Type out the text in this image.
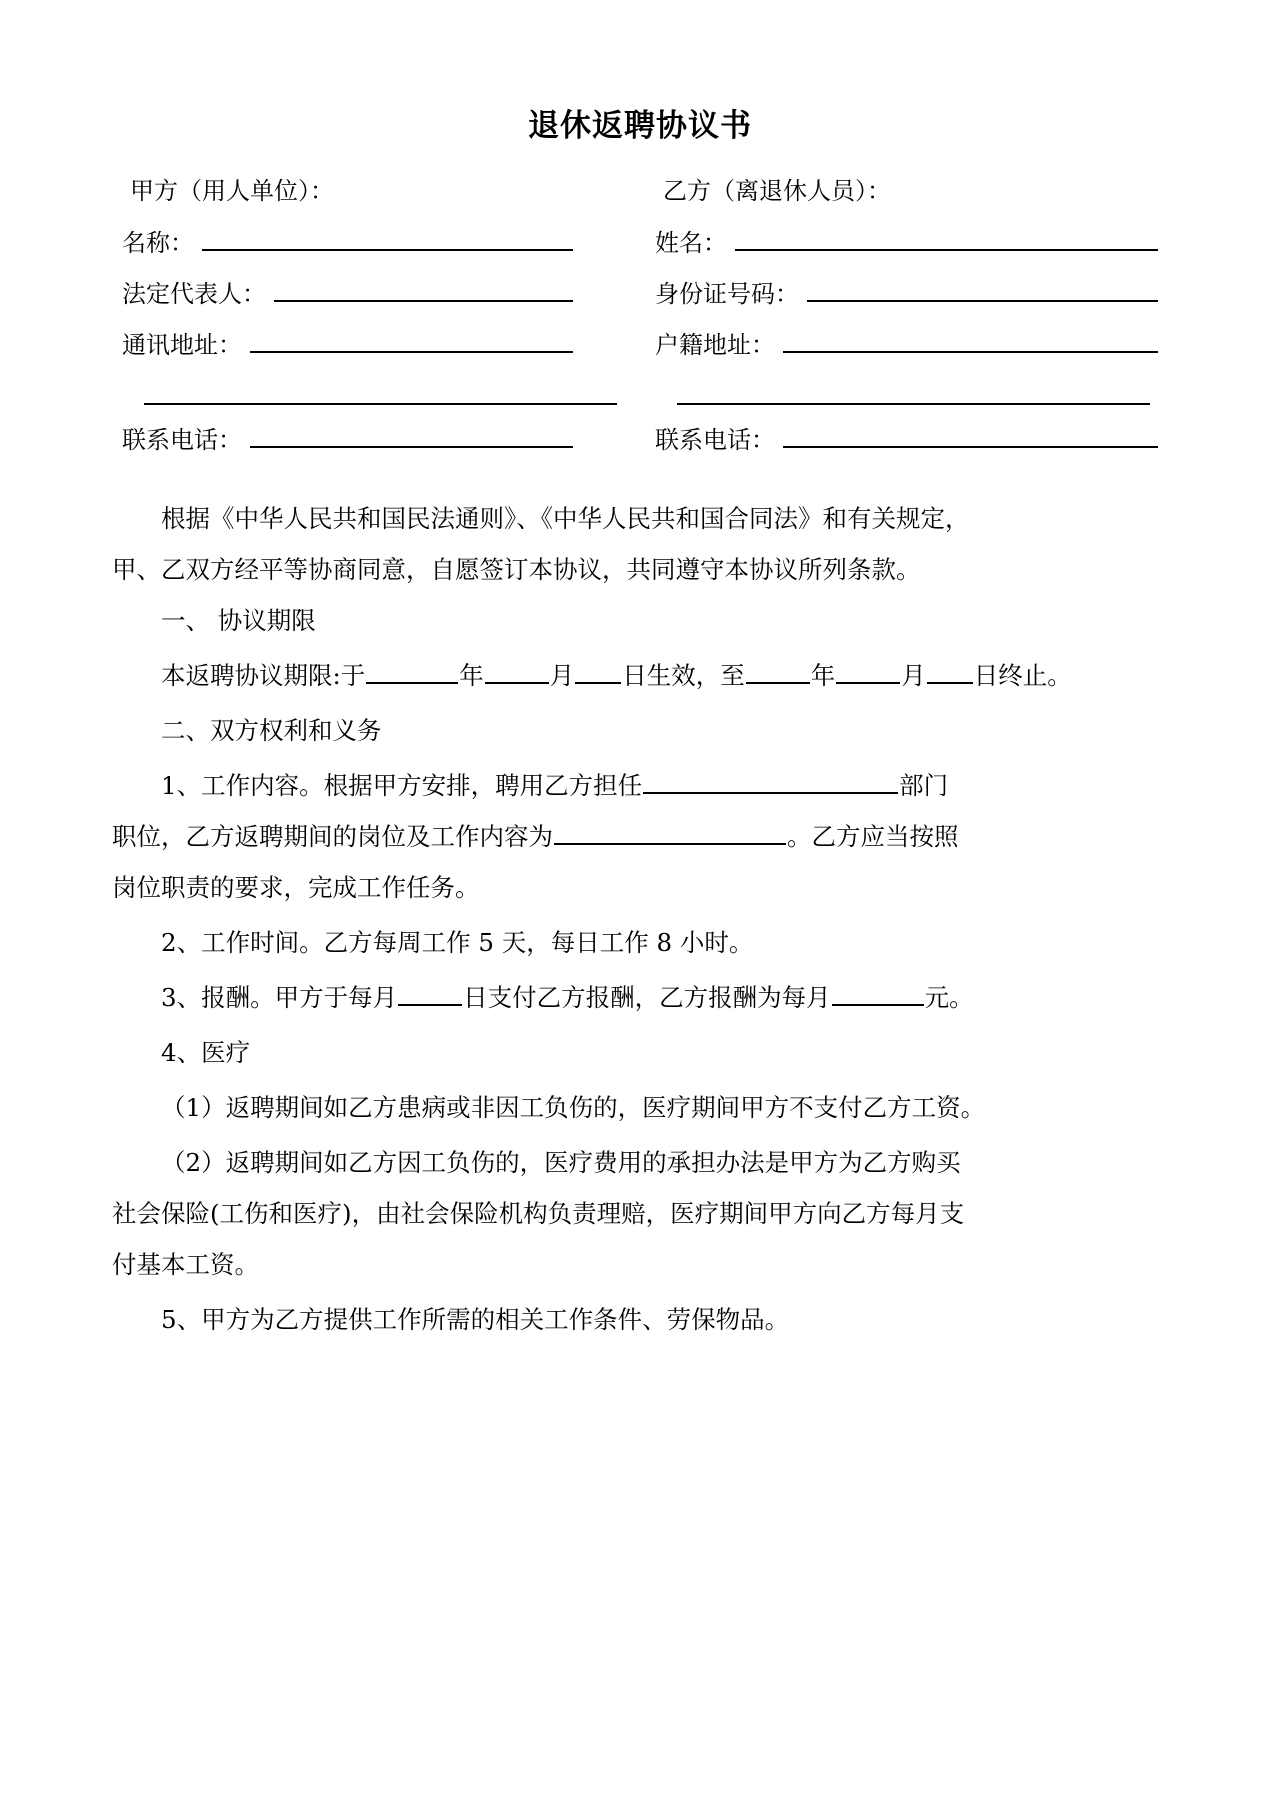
退休返聘协议书
甲方（用人单位）：	乙方（离退休人员）：
名称：	姓名：
法定代表人：	身份证号码：
通讯地址：	户籍地址：
联系电话：	联系电话：

根据《中华人民共和国民法通则》、《中华人民共和国合同法》和有关规定，

甲、乙双方经平等协商同意，自愿签订本协议，共同遵守本协议所列条款。

一、 协议期限

本返聘协议期限:于	年	月 日生效，至	年	月 日终止。

二、双方权利和义务

1、工作内容。根据甲方安排，聘用乙方担任	部门

职位，乙方返聘期间的岗位及工作内容为	。乙方应当按照

岗位职责的要求，完成工作任务。

2、工作时间。乙方每周工作 5 天，每日工作 8 小时。

3、报酬。甲方于每月	日支付乙方报酬，乙方报酬为每月	元。

4、医疗

（1）返聘期间如乙方患病或非因工负伤的，医疗期间甲方不支付乙方工资。

（2）返聘期间如乙方因工负伤的，医疗费用的承担办法是甲方为乙方购买

社会保险(工伤和医疗)，由社会保险机构负责理赔，医疗期间甲方向乙方每月支

付基本工资。

5、甲方为乙方提供工作所需的相关工作条件、劳保物品。
